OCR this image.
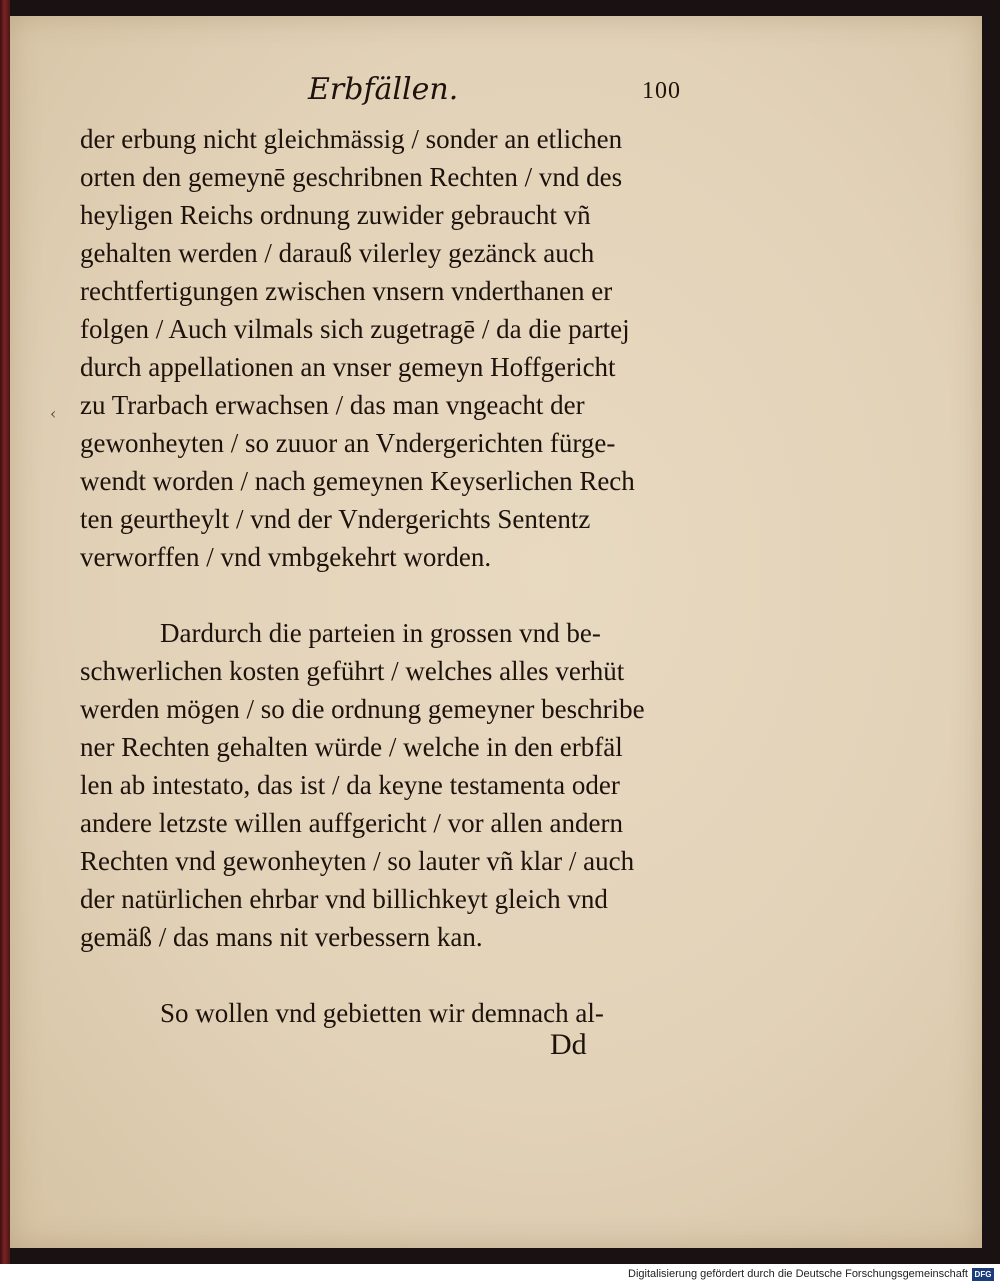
Erbfällen.	100
‹
der erbung nicht gleichmässig / sonder an etlichen
orten den gemeynē geschribnen Rechten / vnd des
heyligen Reichs ordnung zuwider gebraucht vñ
gehalten werden / darauß vilerley gezänck auch
rechtfertigungen zwischen vnsern vnderthanen er
folgen / Auch vilmals sich zugetragē / da die partej
durch appellationen an vnser gemeyn Hoffgericht
zu Trarbach erwachsen / das man vngeacht der
gewonheyten / so zuuor an Vndergerichten fürge-
wendt worden / nach gemeynen Keyserlichen Rech
ten geurtheylt / vnd der Vndergerichts Sententz
verworffen / vnd vmbgekehrt worden.
Dardurch die parteien in grossen vnd be-
schwerlichen kosten geführt / welches alles verhüt
werden mögen / so die ordnung gemeyner beschribe
ner Rechten gehalten würde / welche in den erbfäl
len ab intestato, das ist / da keyne testamenta oder
andere letzste willen auffgericht / vor allen andern
Rechten vnd gewonheyten / so lauter vñ klar / auch
der natürlichen ehrbar vnd billichkeyt gleich vnd
gemäß / das mans nit verbessern kan.
So wollen vnd gebietten wir demnach al-
Dd
Digitalisierung gefördert durch die Deutsche Forschungsgemeinschaft DFG
